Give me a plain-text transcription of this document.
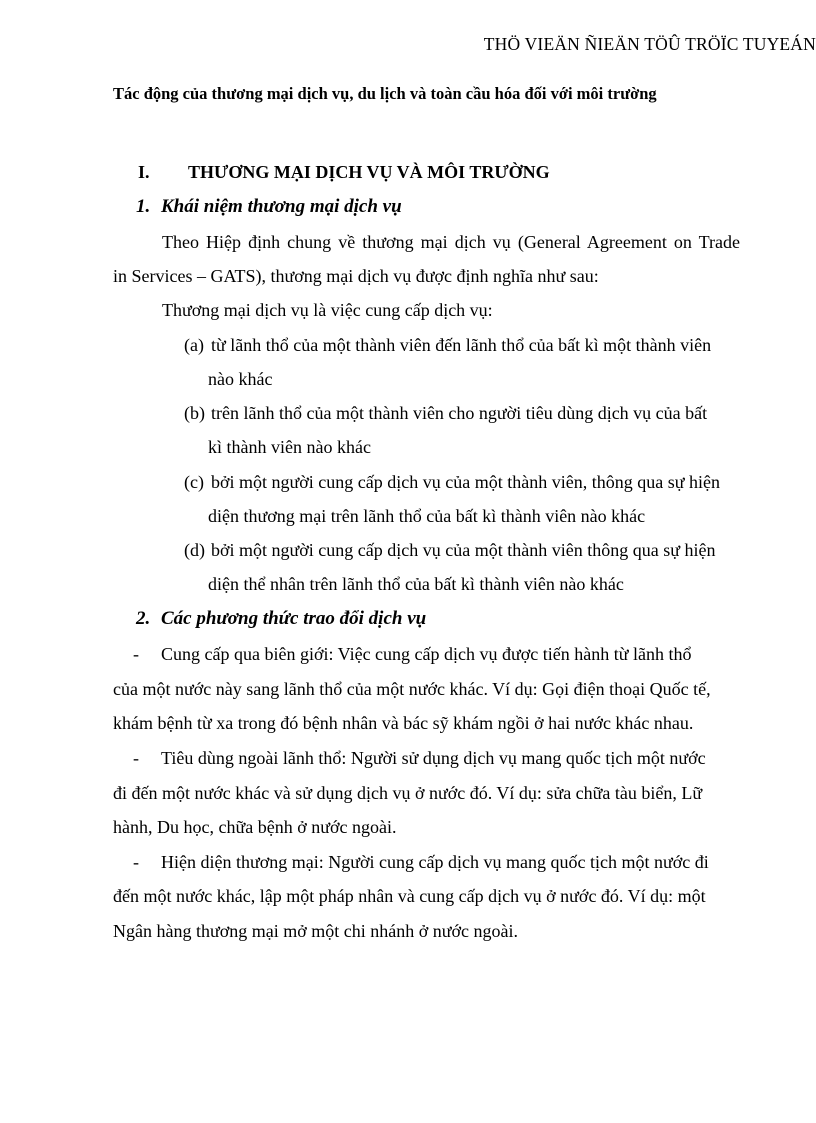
THÖ VIEÄN ÑIEÄN TÖÛ TRÖÏC TUYEÁN
Tác động của thương mại dịch vụ, du lịch và toàn cầu hóa đối với môi trường
I. THƯƠNG MẠI DỊCH VỤ VÀ MÔI TRƯỜNG
1. Khái niệm thương mại dịch vụ
Theo Hiệp định chung về thương mại dịch vụ (General Agreement on Trade
in Services – GATS), thương mại dịch vụ được định nghĩa như sau:
Thương mại dịch vụ là việc cung cấp dịch vụ:
(a) từ lãnh thổ của một thành viên đến lãnh thổ của bất kì một thành viên
nào khác
(b) trên lãnh thổ của một thành viên cho người tiêu dùng dịch vụ của bất
kì thành viên nào khác
(c) bởi một người cung cấp dịch vụ của một thành viên, thông qua sự hiện
diện thương mại trên lãnh thổ của bất kì thành viên nào khác
(d) bởi một người cung cấp dịch vụ của một thành viên thông qua sự hiện
diện thể nhân trên lãnh thổ của bất kì thành viên nào khác
2. Các phương thức trao đổi dịch vụ
- Cung cấp qua biên giới: Việc cung cấp dịch vụ được tiến hành từ lãnh thổ
của một nước này sang lãnh thổ của một nước khác. Ví dụ: Gọi điện thoại Quốc tế,
khám bệnh từ xa trong đó bệnh nhân và bác sỹ khám ngồi ở hai nước khác nhau.
- Tiêu dùng ngoài lãnh thổ: Người sử dụng dịch vụ mang quốc tịch một nước
đi đến một nước khác và sử dụng dịch vụ ở nước đó. Ví dụ: sửa chữa tàu biển, Lữ
hành, Du học, chữa bệnh ở nước ngoài.
- Hiện diện thương mại: Người cung cấp dịch vụ mang quốc tịch một nước đi
đến một nước khác, lập một pháp nhân và cung cấp dịch vụ ở nước đó. Ví dụ: một
Ngân hàng thương mại mở một chi nhánh ở nước ngoài.
